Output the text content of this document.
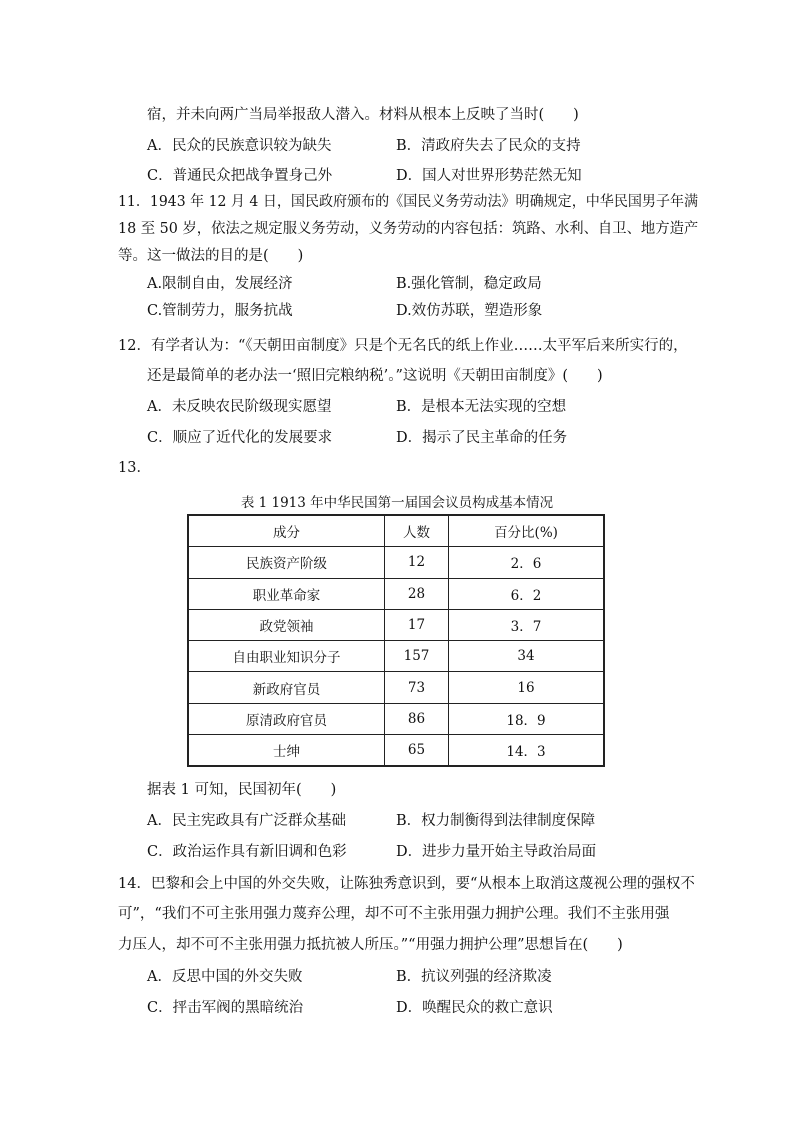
宿，并未向两广当局举报敌人潜入。材料从根本上反映了当时(　　)
A．民众的民族意识较为缺失	B．清政府失去了民众的支持
C．普通民众把战争置身己外	D．国人对世界形势茫然无知
11．1943 年 12 月 4 日，国民政府颁布的《国民义务劳动法》明确规定，中华民国男子年满
18 至 50 岁，依法之规定服义务劳动，义务劳动的内容包括：筑路、水利、自卫、地方造产
等。这一做法的目的是(　　)
A.限制自由，发展经济	B.强化管制，稳定政局
C.管制劳力，服务抗战	D.效仿苏联，塑造形象
12．有学者认为：“《天朝田亩制度》只是个无名氏的纸上作业……太平军后来所实行的，
还是最简单的老办法一‘照旧完粮纳税’。”这说明《天朝田亩制度》(　　)
A．未反映农民阶级现实愿望	B．是根本无法实现的空想
C．顺应了近代化的发展要求	D．揭示了民主革命的任务
13．
表 1 1913 年中华民国第一届国会议员构成基本情况
成分	人数	百分比(%)
民族资产阶级	12	2．6
职业革命家	28	6．2
政党领袖	17	3．7
自由职业知识分子	157	34
新政府官员	73	16
原清政府官员	86	18．9
士绅	65	14．3
据表 1 可知，民国初年(　　)
A．民主宪政具有广泛群众基础	B．权力制衡得到法律制度保障
C．政治运作具有新旧调和色彩	D．进步力量开始主导政治局面
14．巴黎和会上中国的外交失败，让陈独秀意识到，要“从根本上取消这蔑视公理的强权不
可”，“我们不可主张用强力蔑弃公理，却不可不主张用强力拥护公理。我们不主张用强
力压人，却不可不主张用强力抵抗被人所压。”“用强力拥护公理”思想旨在(　　)
A．反思中国的外交失败	B．抗议列强的经济欺凌
C．抨击军阀的黑暗统治	D．唤醒民众的救亡意识
